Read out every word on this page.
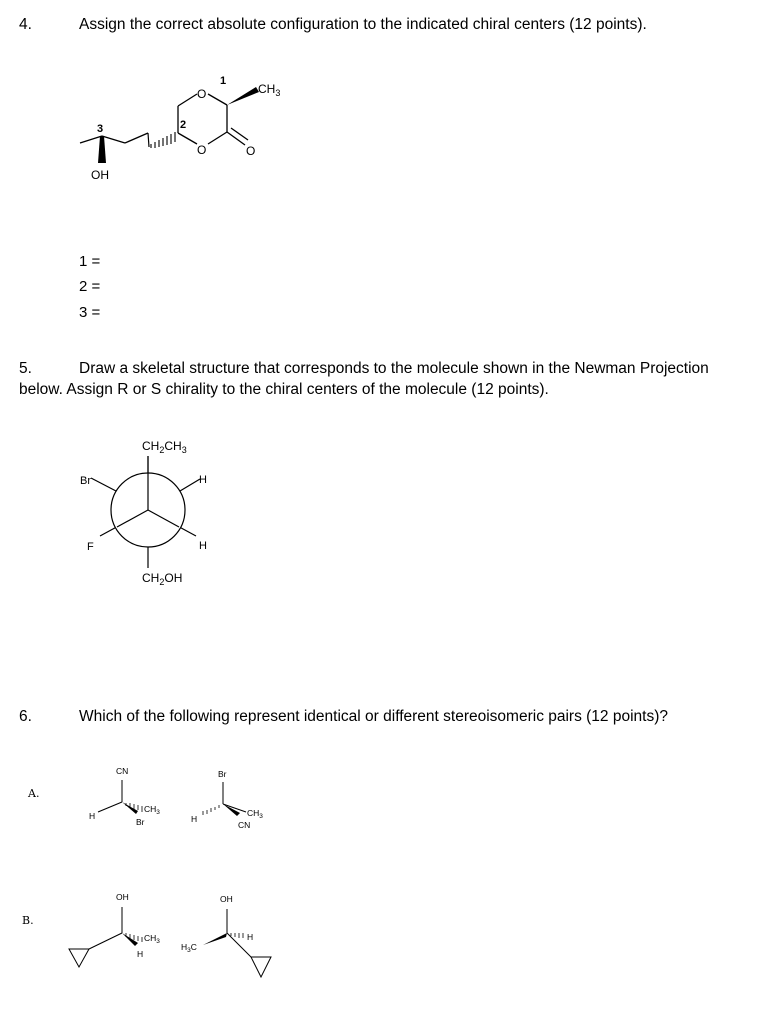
4.	Assign the correct absolute configuration to the indicated chiral centers (12 points).
3	2
1
O
O	O
OH
$CH_3$
1 =
2 =
3 =
5.	Draw a skeletal structure that corresponds to the molecule shown in the Newman Projection
below. Assign R or S chirality to the chiral centers of the molecule (12 points).
$CH_2CH_3$
Br
F
H
H
$CH_2OH$
6.	Which of the following represent identical or different stereoisomeric pairs (12 points)?
A.
CN
H
$CH_3$
Br
Br
H
$CH_3$
CN
B.
OH
$CH_3$
H
OH
$H_3C$
H
